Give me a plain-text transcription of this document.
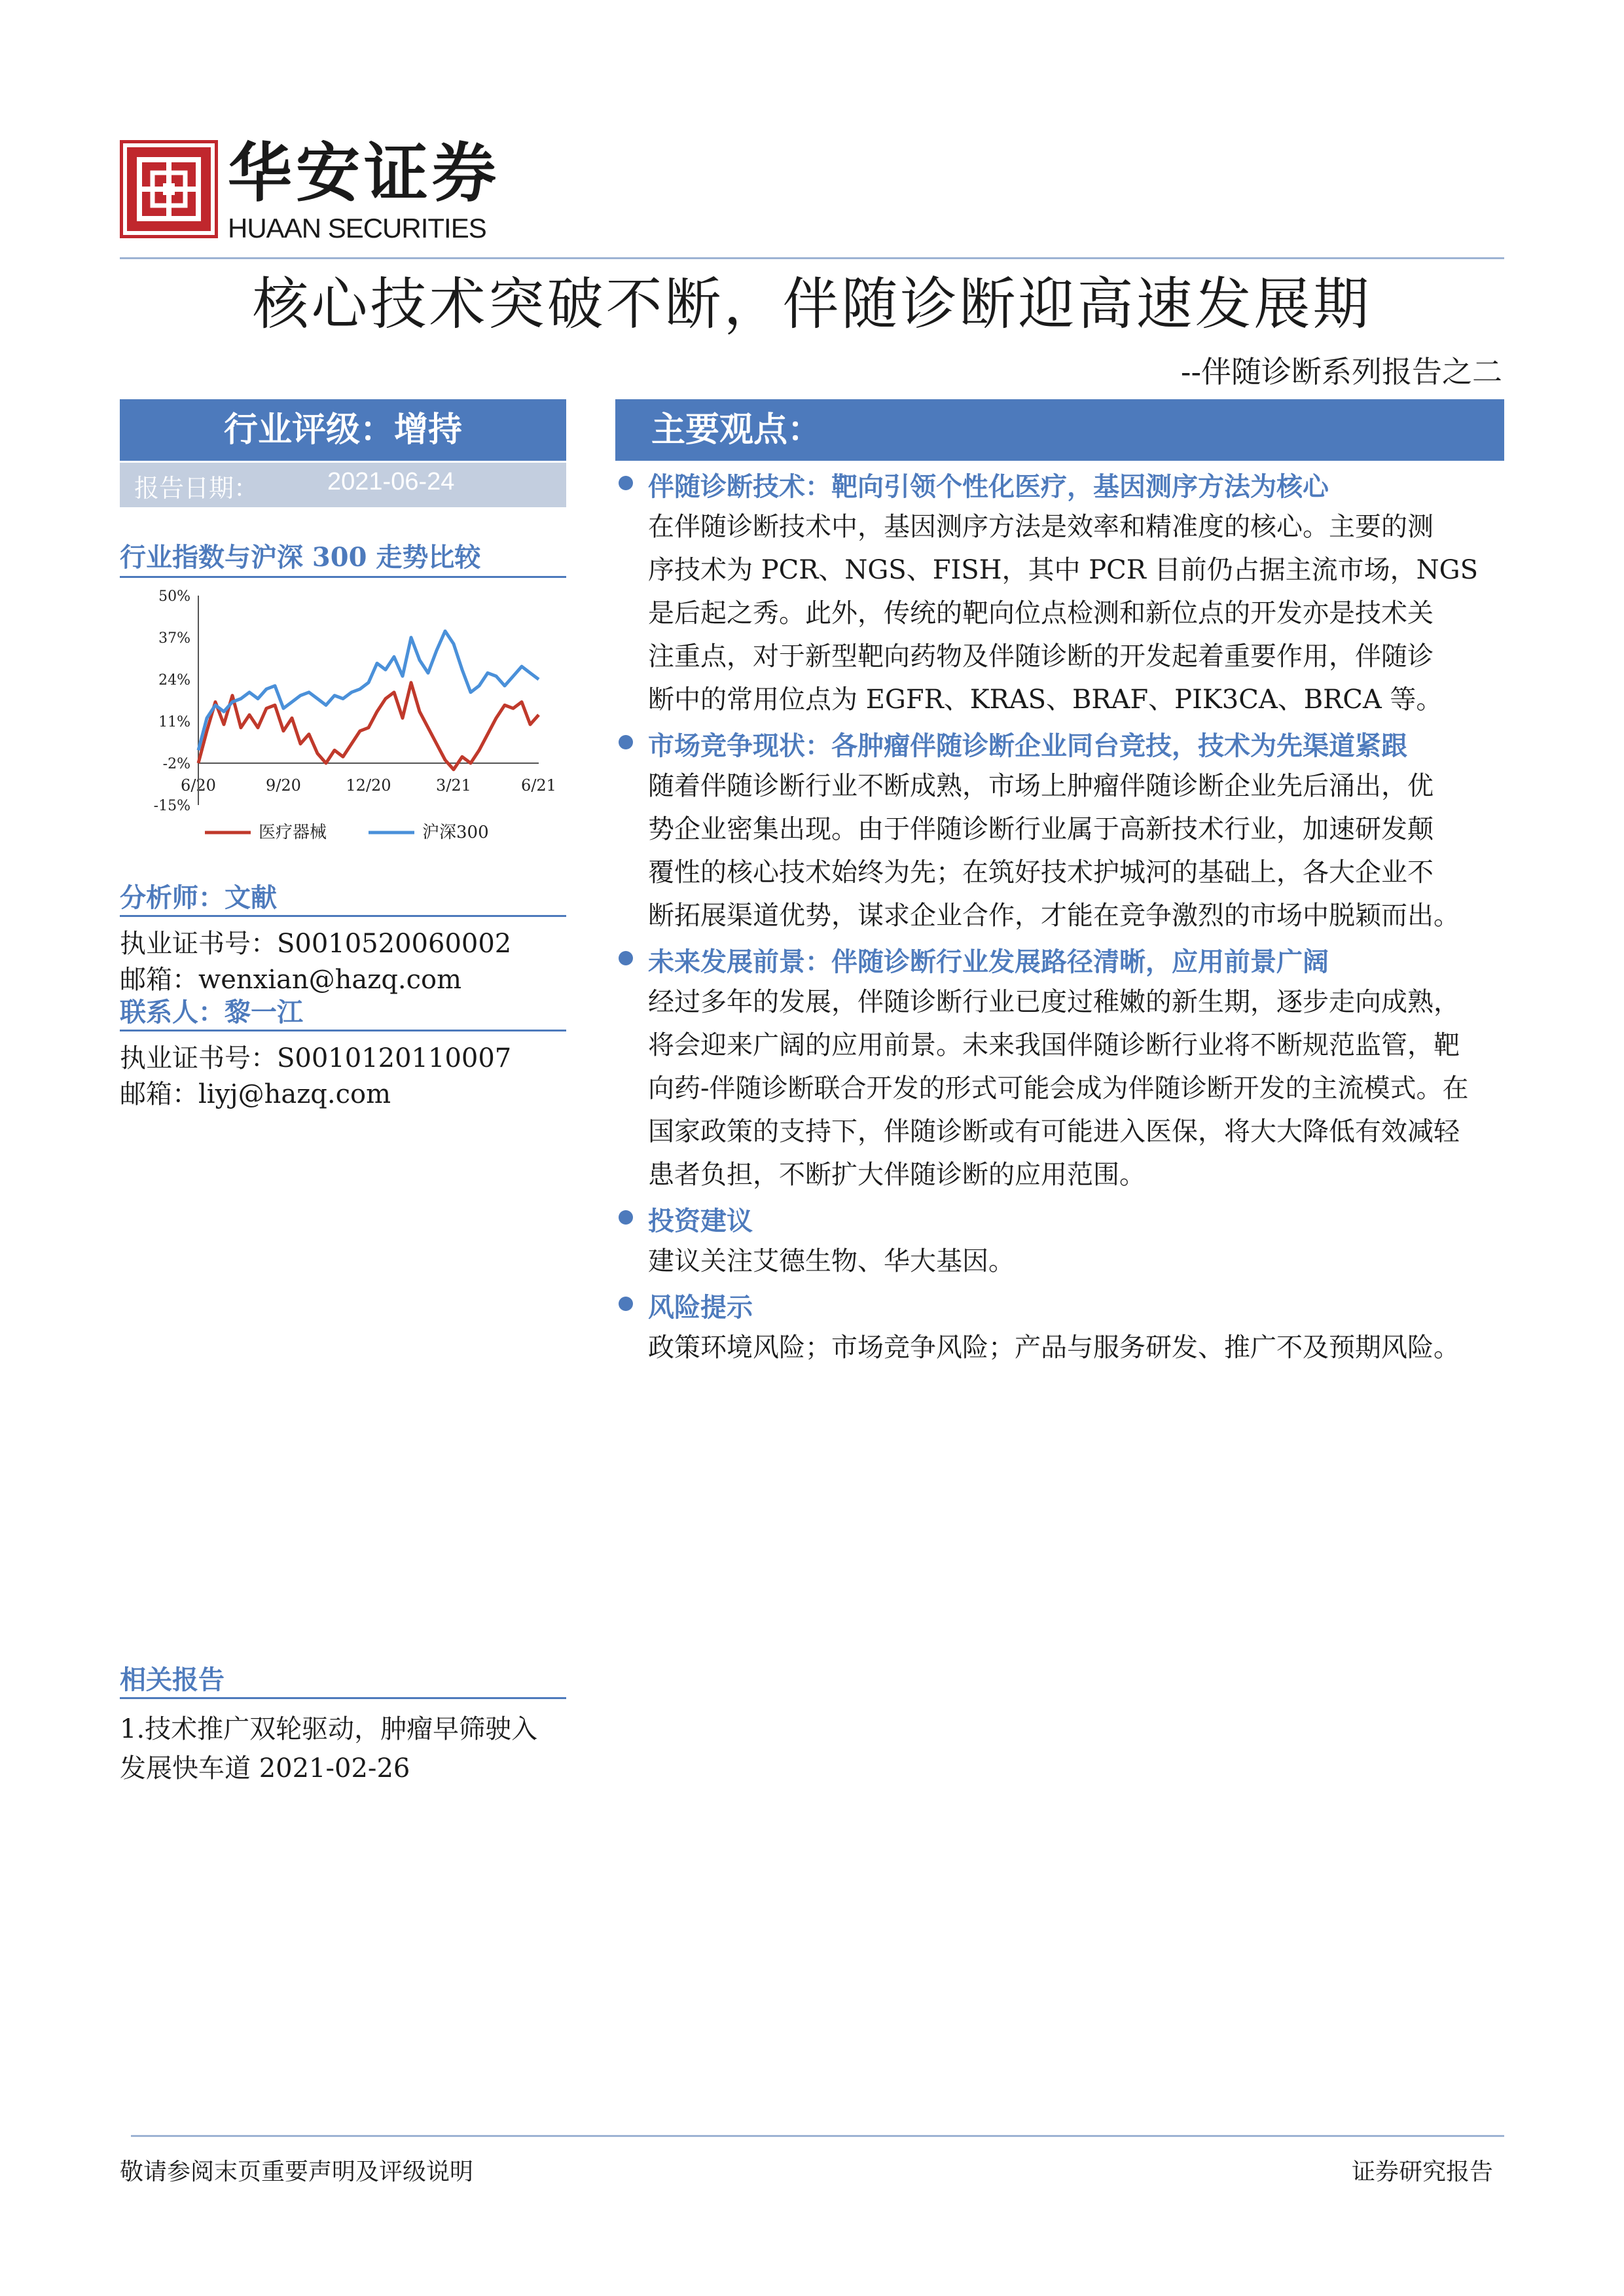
华安证券
HUAAN SECURITIES
核心技术突破不断，伴随诊断迎高速发展期
--伴随诊断系列报告之二
行业评级：增持
报告日期：	2021-06-24
行业指数与沪深 300 走势比较
50%
37%
24%
11%
-2%
-15%
6/20	9/20	12/20	3/21	6/21
医疗器械	沪深300
分析师：文献
执业证书号：S0010520060002
邮箱：wenxian@hazq.com
联系人：黎一江
执业证书号：S0010120110007
邮箱：liyj@hazq.com
相关报告
1.技术推广双轮驱动，肿瘤早筛驶入
发展快车道 2021-02-26
主要观点：
伴随诊断技术：靶向引领个性化医疗，基因测序方法为核心
在伴随诊断技术中，基因测序方法是效率和精准度的核心。主要的测
序技术为 PCR、NGS、FISH，其中 PCR 目前仍占据主流市场，NGS
是后起之秀。此外，传统的靶向位点检测和新位点的开发亦是技术关
注重点，对于新型靶向药物及伴随诊断的开发起着重要作用，伴随诊
断中的常用位点为 EGFR、KRAS、BRAF、PIK3CA、BRCA 等。
市场竞争现状：各肿瘤伴随诊断企业同台竞技，技术为先渠道紧跟
随着伴随诊断行业不断成熟，市场上肿瘤伴随诊断企业先后涌出，优
势企业密集出现。由于伴随诊断行业属于高新技术行业，加速研发颠
覆性的核心技术始终为先；在筑好技术护城河的基础上，各大企业不
断拓展渠道优势，谋求企业合作，才能在竞争激烈的市场中脱颖而出。
未来发展前景：伴随诊断行业发展路径清晰，应用前景广阔
经过多年的发展，伴随诊断行业已度过稚嫩的新生期，逐步走向成熟，
将会迎来广阔的应用前景。未来我国伴随诊断行业将不断规范监管，靶
向药-伴随诊断联合开发的形式可能会成为伴随诊断开发的主流模式。在
国家政策的支持下，伴随诊断或有可能进入医保，将大大降低有效减轻
患者负担，不断扩大伴随诊断的应用范围。
投资建议
建议关注艾德生物、华大基因。
风险提示
政策环境风险；市场竞争风险；产品与服务研发、推广不及预期风险。
敬请参阅末页重要声明及评级说明	证券研究报告
